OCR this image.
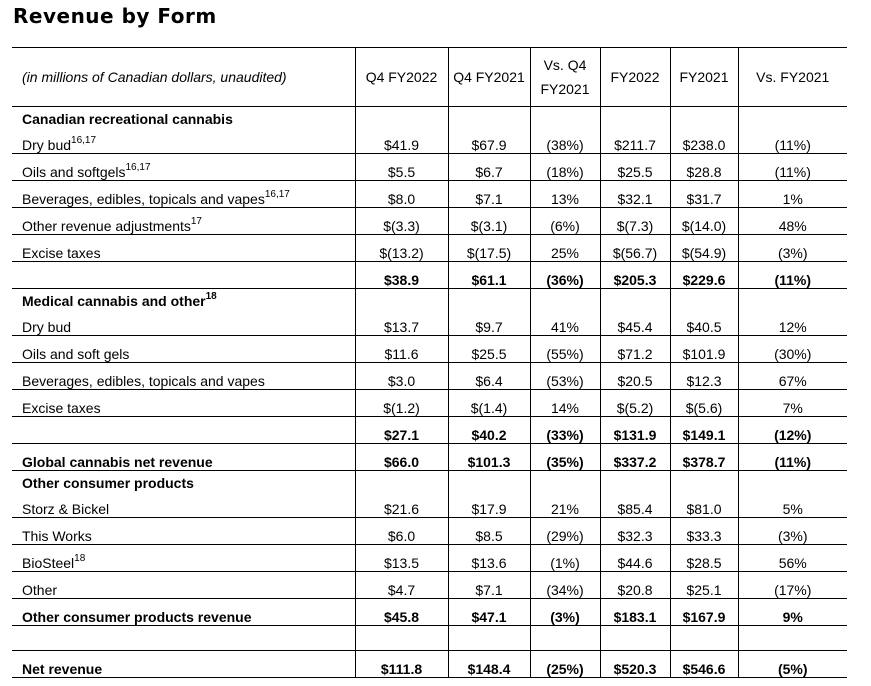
Revenue by Form
(in millions of Canadian dollars, unaudited)	Q4 FY2022	Q4 FY2021	Vs. Q4 FY2021	FY2022	FY2021	Vs. FY2021
Canadian recreational cannabis						
Dry bud$^{16,17}$	$41.9	$67.9	(38%)	$211.7	$238.0	(11%)
Oils and softgels$^{16,17}$	$5.5	$6.7	(18%)	$25.5	$28.8	(11%)
Beverages, edibles, topicals and vapes$^{16,17}$	$8.0	$7.1	13%	$32.1	$31.7	1%
Other revenue adjustments$^{17}$	$(3.3)	$(3.1)	(6%)	$(7.3)	$(14.0)	48%
Excise taxes	$(13.2)	$(17.5)	25%	$(56.7)	$(54.9)	(3%)
	$38.9	$61.1	(36%)	$205.3	$229.6	(11%)
Medical cannabis and other$^{18}$						
Dry bud	$13.7	$9.7	41%	$45.4	$40.5	12%
Oils and soft gels	$11.6	$25.5	(55%)	$71.2	$101.9	(30%)
Beverages, edibles, topicals and vapes	$3.0	$6.4	(53%)	$20.5	$12.3	67%
Excise taxes	$(1.2)	$(1.4)	14%	$(5.2)	$(5.6)	7%
	$27.1	$40.2	(33%)	$131.9	$149.1	(12%)
Global cannabis net revenue	$66.0	$101.3	(35%)	$337.2	$378.7	(11%)
Other consumer products						
Storz & Bickel	$21.6	$17.9	21%	$85.4	$81.0	5%
This Works	$6.0	$8.5	(29%)	$32.3	$33.3	(3%)
BioSteel$^{18}$	$13.5	$13.6	(1%)	$44.6	$28.5	56%
Other	$4.7	$7.1	(34%)	$20.8	$25.1	(17%)
Other consumer products revenue	$45.8	$47.1	(3%)	$183.1	$167.9	9%

Net revenue	$111.8	$148.4	(25%)	$520.3	$546.6	(5%)
